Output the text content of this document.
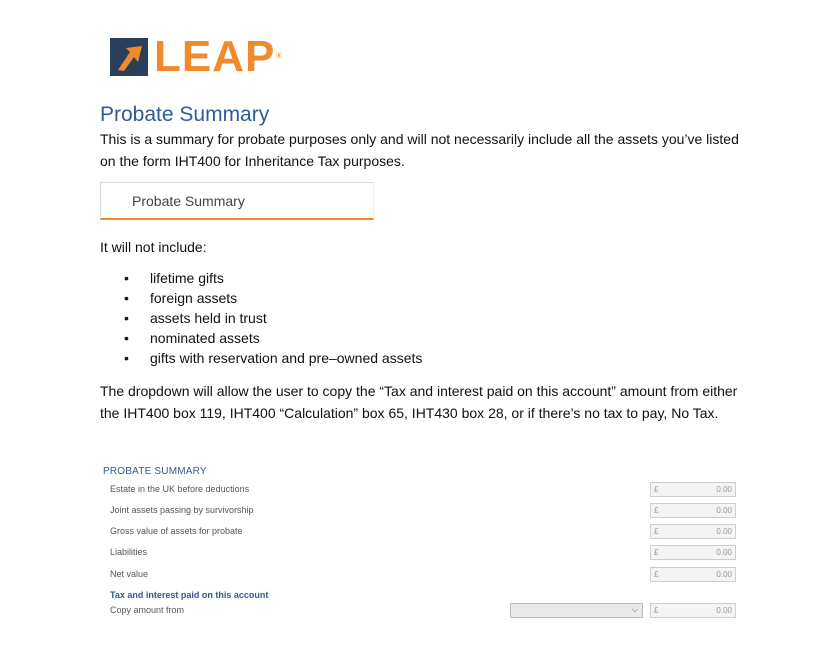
LEAP®
Probate Summary
This is a summary for probate purposes only and will not necessarily include all the assets you’ve listed on the form IHT400 for Inheritance Tax purposes.
Probate Summary
It will not include:
•	lifetime gifts
•	foreign assets
•	assets held in trust
•	nominated assets
•	gifts with reservation and pre–owned assets
The dropdown will allow the user to copy the “Tax and interest paid on this account” amount from either the IHT400 box 119, IHT400 “Calculation” box 65, IHT430 box 28, or if there’s no tax to pay, No Tax.
PROBATE SUMMARY
Estate in the UK before deductions	£	0.00
Joint assets passing by survivorship	£	0.00
Gross value of assets for probate	£	0.00
Liabilities	£	0.00
Net value	£	0.00
Tax and interest paid on this account
Copy amount from	⌵ £	0.00
